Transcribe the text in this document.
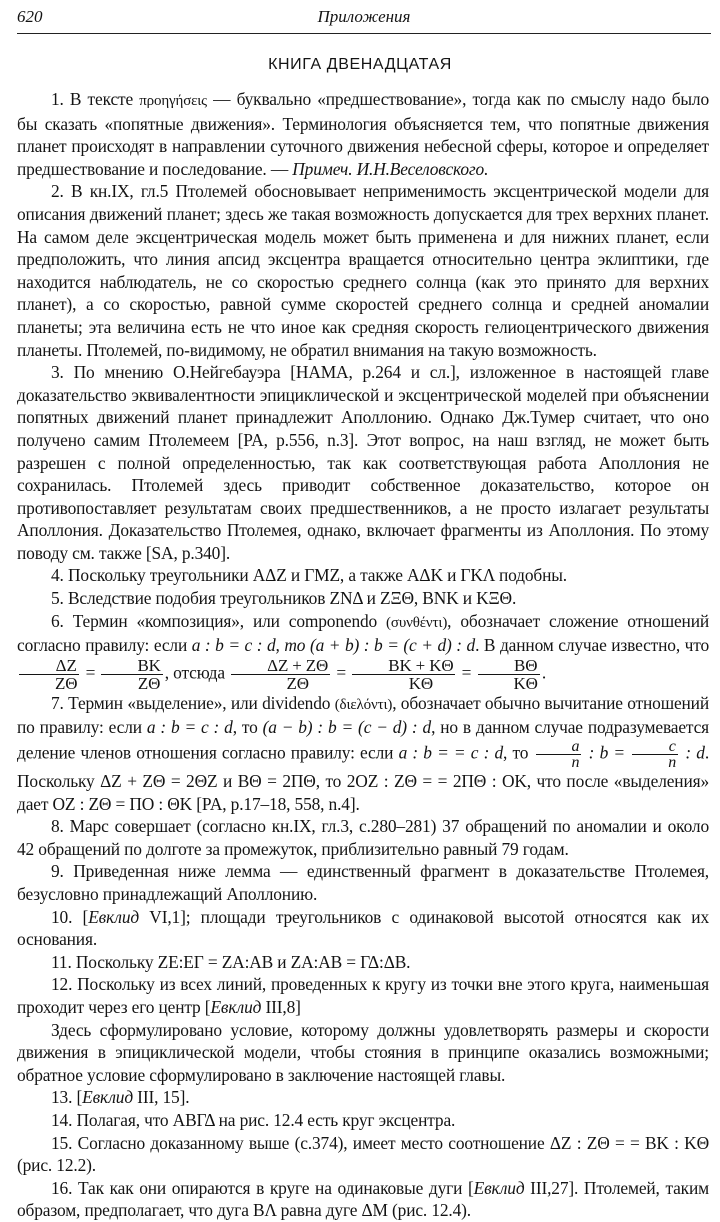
620	Приложения
КНИГА ДВЕНАДЦАТАЯ

1. В тексте προηγήσεις — буквально «предшествование», тогда как по смыслу надо было бы сказать «попятные движения». Терминология объясняется тем, что попятные движения планет происходят в направлении суточного движения небесной сферы, которое и определяет предшествование и последование. — Примеч. И.Н.Веселовского.

2. В кн.IX, гл.5 Птолемей обосновывает неприменимость эксцентрической модели для описания движений планет; здесь же такая возможность допускается для трех верхних планет. На самом деле эксцентрическая модель может быть применена и для нижних планет, если предположить, что линия апсид эксцентра вращается относительно центра эклиптики, где находится наблюдатель, не со скоростью среднего солнца (как это принято для верхних планет), а со скоростью, равной сумме скоростей среднего солнца и средней аномалии планеты; эта величина есть не что иное как средняя скорость гелиоцентрического движения планеты. Птолемей, по-видимому, не обратил внимания на такую возможность.

3. По мнению О.Нейгебауэра [HAMA, p.264 и сл.], изложенное в настоящей главе доказательство эквивалентности эпициклической и эксцентрической моделей при объяснении попятных движений планет принадлежит Аполлонию. Однако Дж.Тумер считает, что оно получено самим Птолемеем [PA, p.556, n.3]. Этот вопрос, на наш взгляд, не может быть разрешен с полной определенностью, так как соответствующая работа Аполлония не сохранилась. Птолемей здесь приводит собственное доказательство, которое он противопоставляет результатам своих предшественников, а не просто излагает результаты Аполлония. Доказательство Птолемея, однако, включает фрагменты из Аполлония. По этому поводу см. также [SA, p.340].

4. Поскольку треугольники AΔZ и ΓMZ, а также AΔK и ΓKΛ подобны.

5. Вследствие подобия треугольников ZNΔ и ZΞΘ, BNK и KΞΘ.

6. Термин «композиция», или componendo (συνθέντι), обозначает сложение отношений согласно правилу: если a : b = c : d, то (a + b) : b = (c + d) : d. В данном случае известно, что
$\frac{\Delta Z}{Z\Theta} = \frac{BK}{Z\Theta}$ , отсюда $\frac{\Delta Z + Z\Theta}{Z\Theta} = \frac{BK + K\Theta}{K\Theta} = \frac{B\Theta}{K\Theta}$ .

7. Термин «выделение», или dividendo (διελόντι), обозначает обычно вычитание отношений по правилу: если a : b = c : d, то (a − b) : b = (c − d) : d, но в данном случае подразумевается деление членов отношения согласно правилу: если a : b = = c : d, то $\frac{a}{n}$ : $b = \frac{c}{n}$ : d. Поскольку ΔZ + ZΘ = 2ΘZ и BΘ = 2ΠΘ, то 2OZ : ZΘ = = 2ΠΘ : OK, что после «выделения» дает OZ : ZΘ = ΠO : ΘK [PA, p.17–18, 558, n.4].

8. Марс совершает (согласно кн.IX, гл.3, с.280–281) 37 обращений по аномалии и около 42 обращений по долготе за промежуток, приблизительно равный 79 годам.

9. Приведенная ниже лемма — единственный фрагмент в доказательстве Птолемея, безусловно принадлежащий Аполлонию.

10. [Евклид VI,1]; площади треугольников с одинаковой высотой относятся как их основания.

11. Поскольку ZE:EΓ = ZA:AB и ZA:AB = ΓΔ:ΔB.

12. Поскольку из всех линий, проведенных к кругу из точки вне этого круга, наименьшая проходит через его центр [Евклид III,8]

Здесь сформулировано условие, которому должны удовлетворять размеры и скорости движения в эпициклической модели, чтобы стояния в принципе оказались возможными; обратное условие сформулировано в заключение настоящей главы.

13. [Евклид III, 15].

14. Полагая, что ABΓΔ на рис. 12.4 есть круг эксцентра.

15. Согласно доказанному выше (с.374), имеет место соотношение ΔZ : ZΘ = = BK : KΘ (рис. 12.2).

16. Так как они опираются в круге на одинаковые дуги [Евклид III,27]. Птолемей, таким образом, предполагает, что дуга BΛ равна дуге ΔM (рис. 12.4).
